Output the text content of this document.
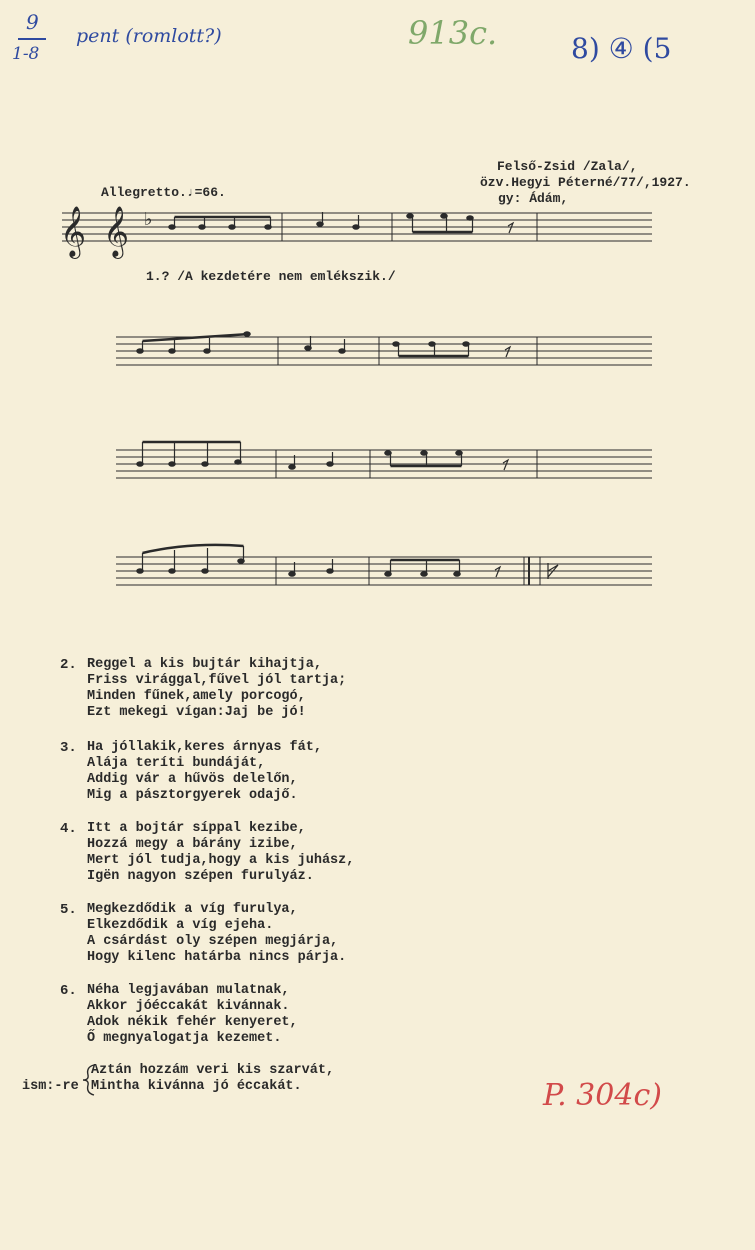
9
1-8
pent (romlott?)	913c.	8) ④ (5
P. 304c)
Felső-Zsid /Zala/,
özv.Hegyi Péterné/77/,1927.
gy: Ádám,
Allegretto.♩=66.
1.? /A kezdetére nem emlékszik./
𝄞 𝄞 ♭
2. Reggel a kis bujtár kihajtja,
Friss virággal,fűvel jól tartja;
Minden fűnek,amely porcogó,
Ezt mekegi vígan:Jaj be jó!
3. Ha jóllakik,keres árnyas fát,
Alája teríti bundáját,
Addig vár a hűvös delelőn,
Mig a pásztorgyerek odajő.
4. Itt a bojtár síppal kezibe,
Hozzá megy a bárány izibe,
Mert jól tudja,hogy a kis juhász,
Igën nagyon szépen furulyáz.
5. Megkezdődik a víg furulya,
Elkezdődik a víg ejeha.
A csárdást oly szépen megjárja,
Hogy kilenc határba nincs párja.
6. Néha legjavában mulatnak,
Akkor jóéccakát kivánnak.
Adok nékik fehér kenyeret,
Ő megnyalogatja kezemet.
ism:-re
Aztán hozzám veri kis szarvát,
Mintha kivánna jó éccakát.
